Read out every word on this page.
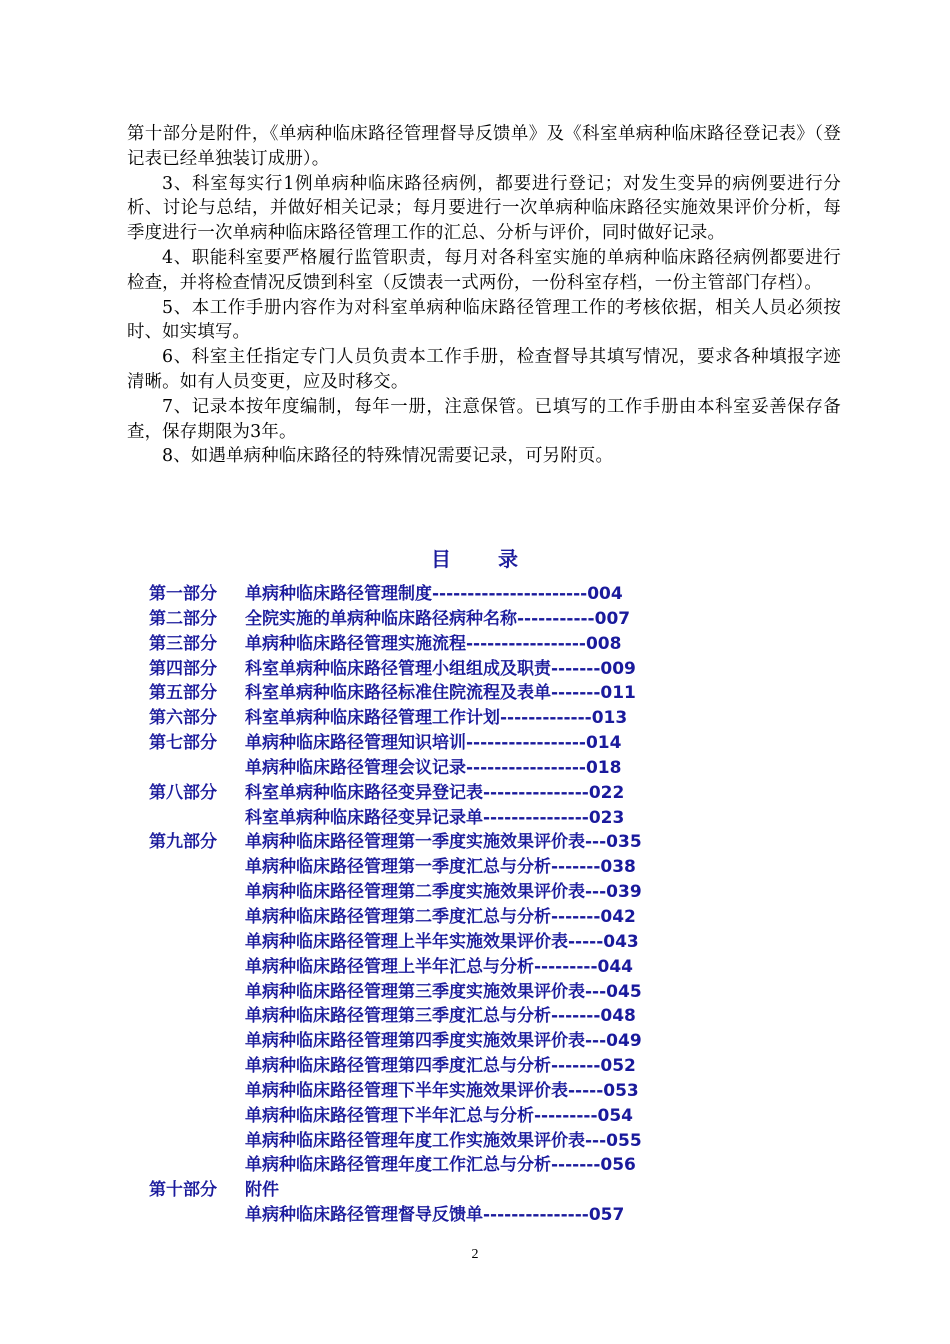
第十部分是附件，《单病种临床路径管理督导反馈单》及《科室单病种临床路径登记表》（登记表已经单独装订成册）。

3、科室每实行1例单病种临床路径病例，都要进行登记；对发生变异的病例要进行分析、讨论与总结，并做好相关记录；每月要进行一次单病种临床路径实施效果评价分析，每季度进行一次单病种临床路径管理工作的汇总、分析与评价，同时做好记录。

4、职能科室要严格履行监管职责，每月对各科室实施的单病种临床路径病例都要进行检查，并将检查情况反馈到科室（反馈表一式两份，一份科室存档，一份主管部门存档）。

5、本工作手册内容作为对科室单病种临床路径管理工作的考核依据，相关人员必须按时、如实填写。

6、科室主任指定专门人员负责本工作手册，检查督导其填写情况，要求各种填报字迹清晰。如有人员变更，应及时移交。

7、记录本按年度编制，每年一册，注意保管。已填写的工作手册由本科室妥善保存备查，保存期限为3年。

8、如遇单病种临床路径的特殊情况需要记录，可另附页。

目 录
第一部分 单病种临床路径管理制度----------------------004
第二部分 全院实施的单病种临床路径病种名称-----------007
第三部分 单病种临床路径管理实施流程-----------------008
第四部分 科室单病种临床路径管理小组组成及职责-------009
第五部分 科室单病种临床路径标准住院流程及表单-------011
第六部分 科室单病种临床路径管理工作计划-------------013
第七部分 单病种临床路径管理知识培训-----------------014
单病种临床路径管理会议记录-----------------018
第八部分 科室单病种临床路径变异登记表---------------022
科室单病种临床路径变异记录单---------------023
第九部分 单病种临床路径管理第一季度实施效果评价表---035
单病种临床路径管理第一季度汇总与分析-------038
单病种临床路径管理第二季度实施效果评价表---039
单病种临床路径管理第二季度汇总与分析-------042
单病种临床路径管理上半年实施效果评价表-----043
单病种临床路径管理上半年汇总与分析---------044
单病种临床路径管理第三季度实施效果评价表---045
单病种临床路径管理第三季度汇总与分析-------048
单病种临床路径管理第四季度实施效果评价表---049
单病种临床路径管理第四季度汇总与分析-------052
单病种临床路径管理下半年实施效果评价表-----053
单病种临床路径管理下半年汇总与分析---------054
单病种临床路径管理年度工作实施效果评价表---055
单病种临床路径管理年度工作汇总与分析-------056
第十部分 附件
单病种临床路径管理督导反馈单---------------057
2
